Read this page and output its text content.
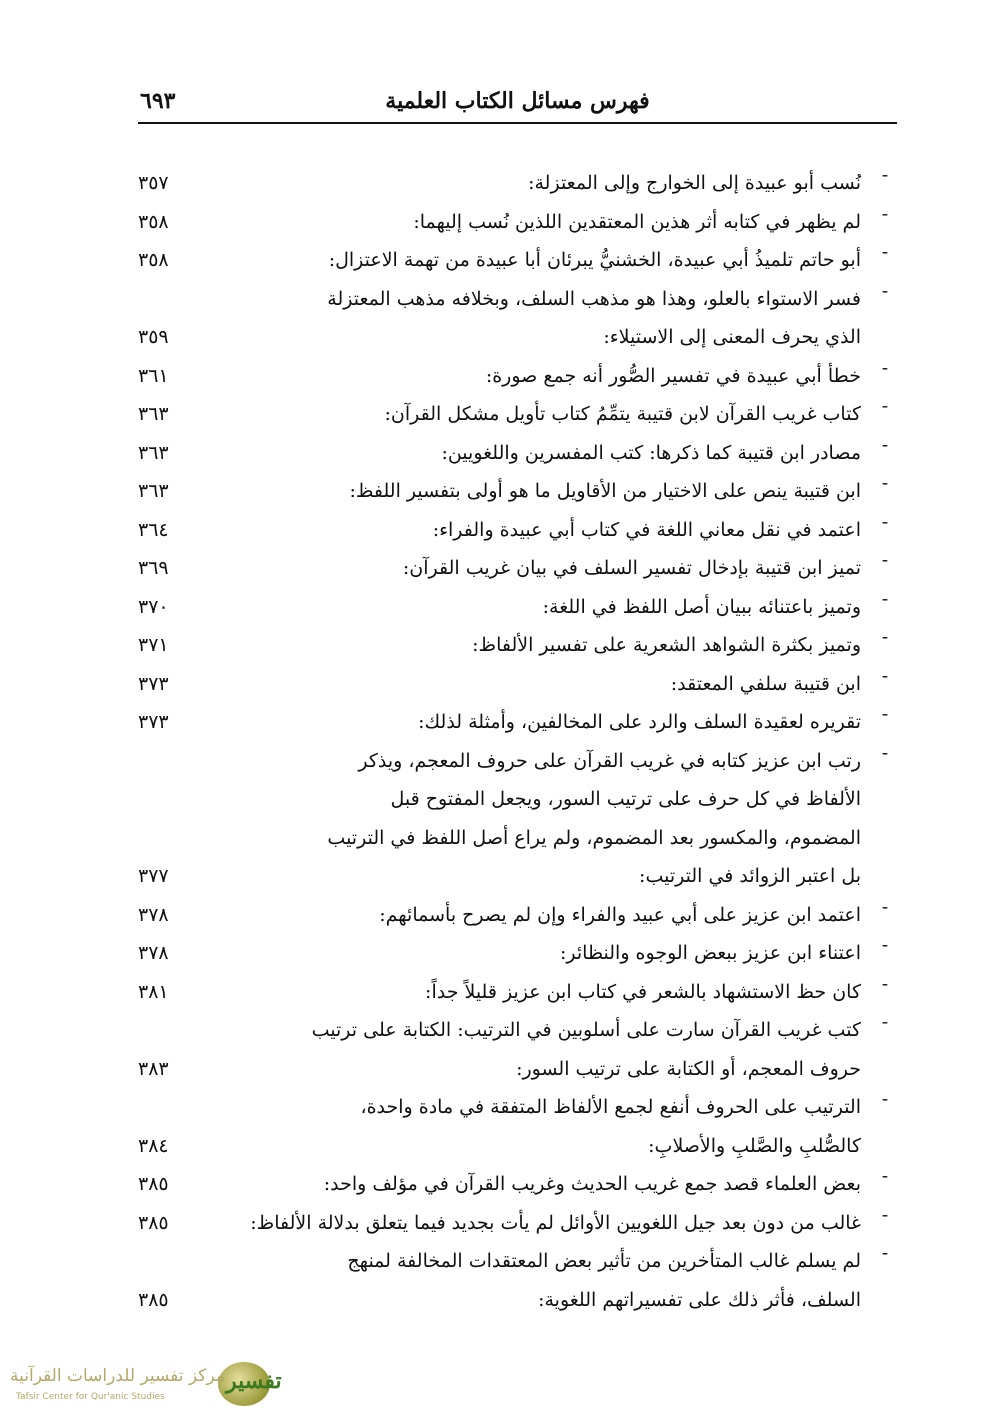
فهرس مسائل الكتاب العلمية
٦٩٣
-
نُسب أبو عبيدة إلى الخوارج وإلى المعتزلة:
٣٥٧
-
لم يظهر في كتابه أثر هذين المعتقدين اللذين نُسب إليهما:
٣٥٨
-
أبو حاتم تلميذُ أبي عبيدة، الخشنيُّ يبرئان أبا عبيدة من تهمة الاعتزال:
٣٥٨
-
فسر الاستواء بالعلو، وهذا هو مذهب السلف، وبخلافه مذهب المعتزلة
الذي يحرف المعنى إلى الاستيلاء:
٣٥٩
-
خطأ أبي عبيدة في تفسير الصُّور أنه جمع صورة:
٣٦١
-
كتاب غريب القرآن لابن قتيبة يتمِّمُ كتاب تأويل مشكل القرآن:
٣٦٣
-
مصادر ابن قتيبة كما ذكرها: كتب المفسرين واللغويين:
٣٦٣
-
ابن قتيبة ينص على الاختيار من الأقاويل ما هو أولى بتفسير اللفظ:
٣٦٣
-
اعتمد في نقل معاني اللغة في كتاب أبي عبيدة والفراء:
٣٦٤
-
تميز ابن قتيبة بإدخال تفسير السلف في بيان غريب القرآن:
٣٦٩
-
وتميز باعتنائه ببيان أصل اللفظ في اللغة:
٣٧٠
-
وتميز بكثرة الشواهد الشعرية على تفسير الألفاظ:
٣٧١
-
ابن قتيبة سلفي المعتقد:
٣٧٣
-
تقريره لعقيدة السلف والرد على المخالفين، وأمثلة لذلك:
٣٧٣
-
رتب ابن عزيز كتابه في غريب القرآن على حروف المعجم، ويذكر
الألفاظ في كل حرف على ترتيب السور، ويجعل المفتوح قبل
المضموم، والمكسور بعد المضموم، ولم يراع أصل اللفظ في الترتيب
بل اعتبر الزوائد في الترتيب:
٣٧٧
-
اعتمد ابن عزيز على أبي عبيد والفراء وإن لم يصرح بأسمائهم:
٣٧٨
-
اعتناء ابن عزيز ببعض الوجوه والنظائر:
٣٧٨
-
كان حظ الاستشهاد بالشعر في كتاب ابن عزيز قليلاً جداً:
٣٨١
-
كتب غريب القرآن سارت على أسلوبين في الترتيب: الكتابة على ترتيب
حروف المعجم، أو الكتابة على ترتيب السور:
٣٨٣
-
الترتيب على الحروف أنفع لجمع الألفاظ المتفقة في مادة واحدة،
كالصُّلبِ والصَّلبِ والأصلابِ:
٣٨٤
-
بعض العلماء قصد جمع غريب الحديث وغريب القرآن في مؤلف واحد:
٣٨٥
-
غالب من دون بعد جيل اللغويين الأوائل لم يأت بجديد فيما يتعلق بدلالة الألفاظ:
٣٨٥
-
لم يسلم غالب المتأخرين من تأثير بعض المعتقدات المخالفة لمنهج
السلف، فأثر ذلك على تفسيراتهم اللغوية:
٣٨٥
تفسير
مركز تفسير للدراسات القرآنية
Tafsir Center for Qur'anic Studies
